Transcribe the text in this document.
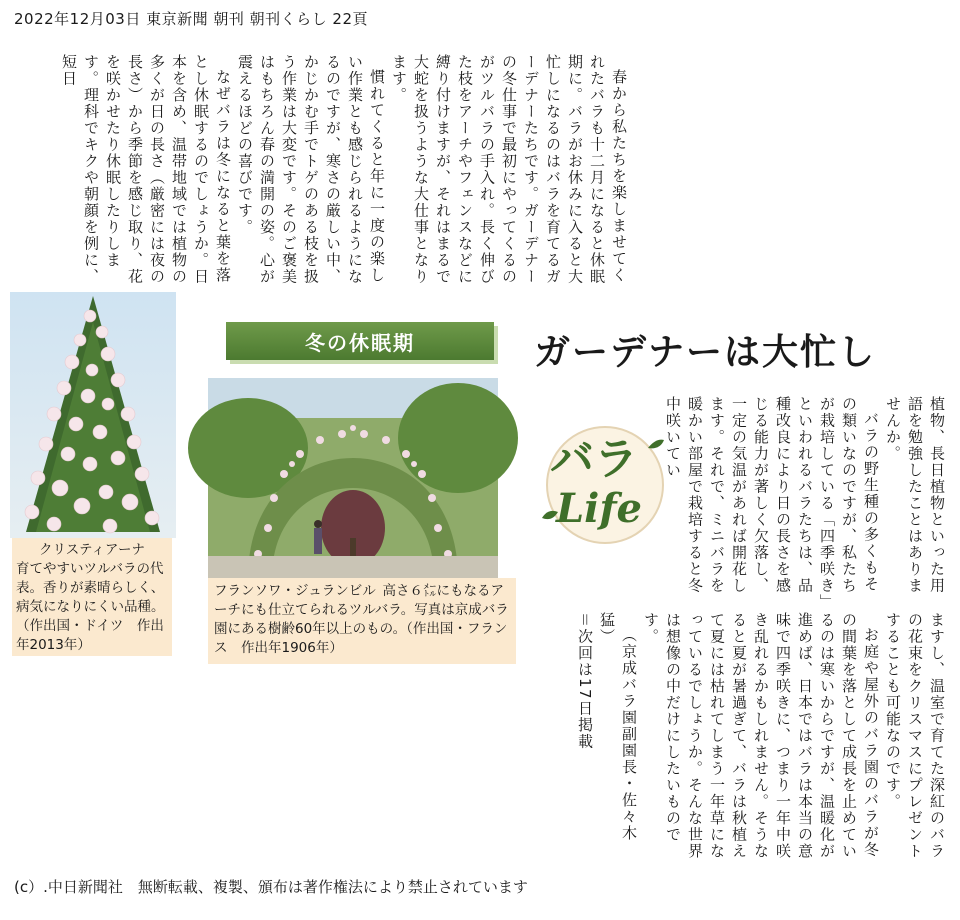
2022年12月03日 東京新聞 朝刊 朝刊くらし 22頁

春から私たちを楽しませてくれたバラも十二月になると休眠期に。バラがお休みに入ると大忙しになるのはバラを育てるガーデナーたちです。ガーデナーの冬仕事で最初にやってくるのがツルバラの手入れ。長く伸びた枝をアーチやフェンスなどに縛り付けますが、それはまるで大蛇を扱うような大仕事となります。

慣れてくると年に一度の楽しい作業とも感じられるようになるのですが、寒さの厳しい中、かじかむ手でトゲのある枝を扱う作業は大変です。そのご褒美はもちろん春の満開の姿。心が震えるほどの喜びです。

なぜバラは冬になると葉を落とし休眠するのでしょうか。日本を含め、温帯地域では植物の多くが日の長さ（厳密には夜の長さ）から季節を感じ取り、花を咲かせたり休眠したりします。理科でキクや朝顔を例に、短日

クリスティアーナ
育てやすいツルバラの代表。香りが素晴らしく、病気になりにくい品種。（作出国・ドイツ　作出年2013年）
冬の休眠期	ガーデナーは大忙し
フランソワ・ジュランビル 高さ６㍍にもなるアーチにも仕立てられるツルバラ。写真は京成バラ園にある樹齢60年以上のもの。（作出国・フランス　作出年1906年）
バラ
Life	植物、長日植物といった用語を勉強したことはありませんか。

バラの野生種の多くもその類いなのですが、私たちが栽培している「四季咲き」といわれるバラたちは、品種改良により日の長さを感じる能力が著しく欠落し、一定の気温があれば開花します。それで、ミニバラを暖かい部屋で栽培すると冬中咲いてい

ますし、温室で育てた深紅のバラの花束をクリスマスにプレゼントすることも可能なのです。

お庭や屋外のバラ園のバラが冬の間葉を落として成長を止めているのは寒いからですが、温暖化が進めば、日本ではバラは本当の意味で四季咲きに、つまり一年中咲き乱れるかもしれません。そうなると夏が暑過ぎて、バラは秋植えて夏には枯れてしまう一年草になっているでしょうか。そんな世界は想像の中だけにしたいものです。

（京成バラ園副園長・佐々木猛）

＝次回は17日掲載

(c）.中日新聞社　無断転載、複製、頒布は著作権法により禁止されています
